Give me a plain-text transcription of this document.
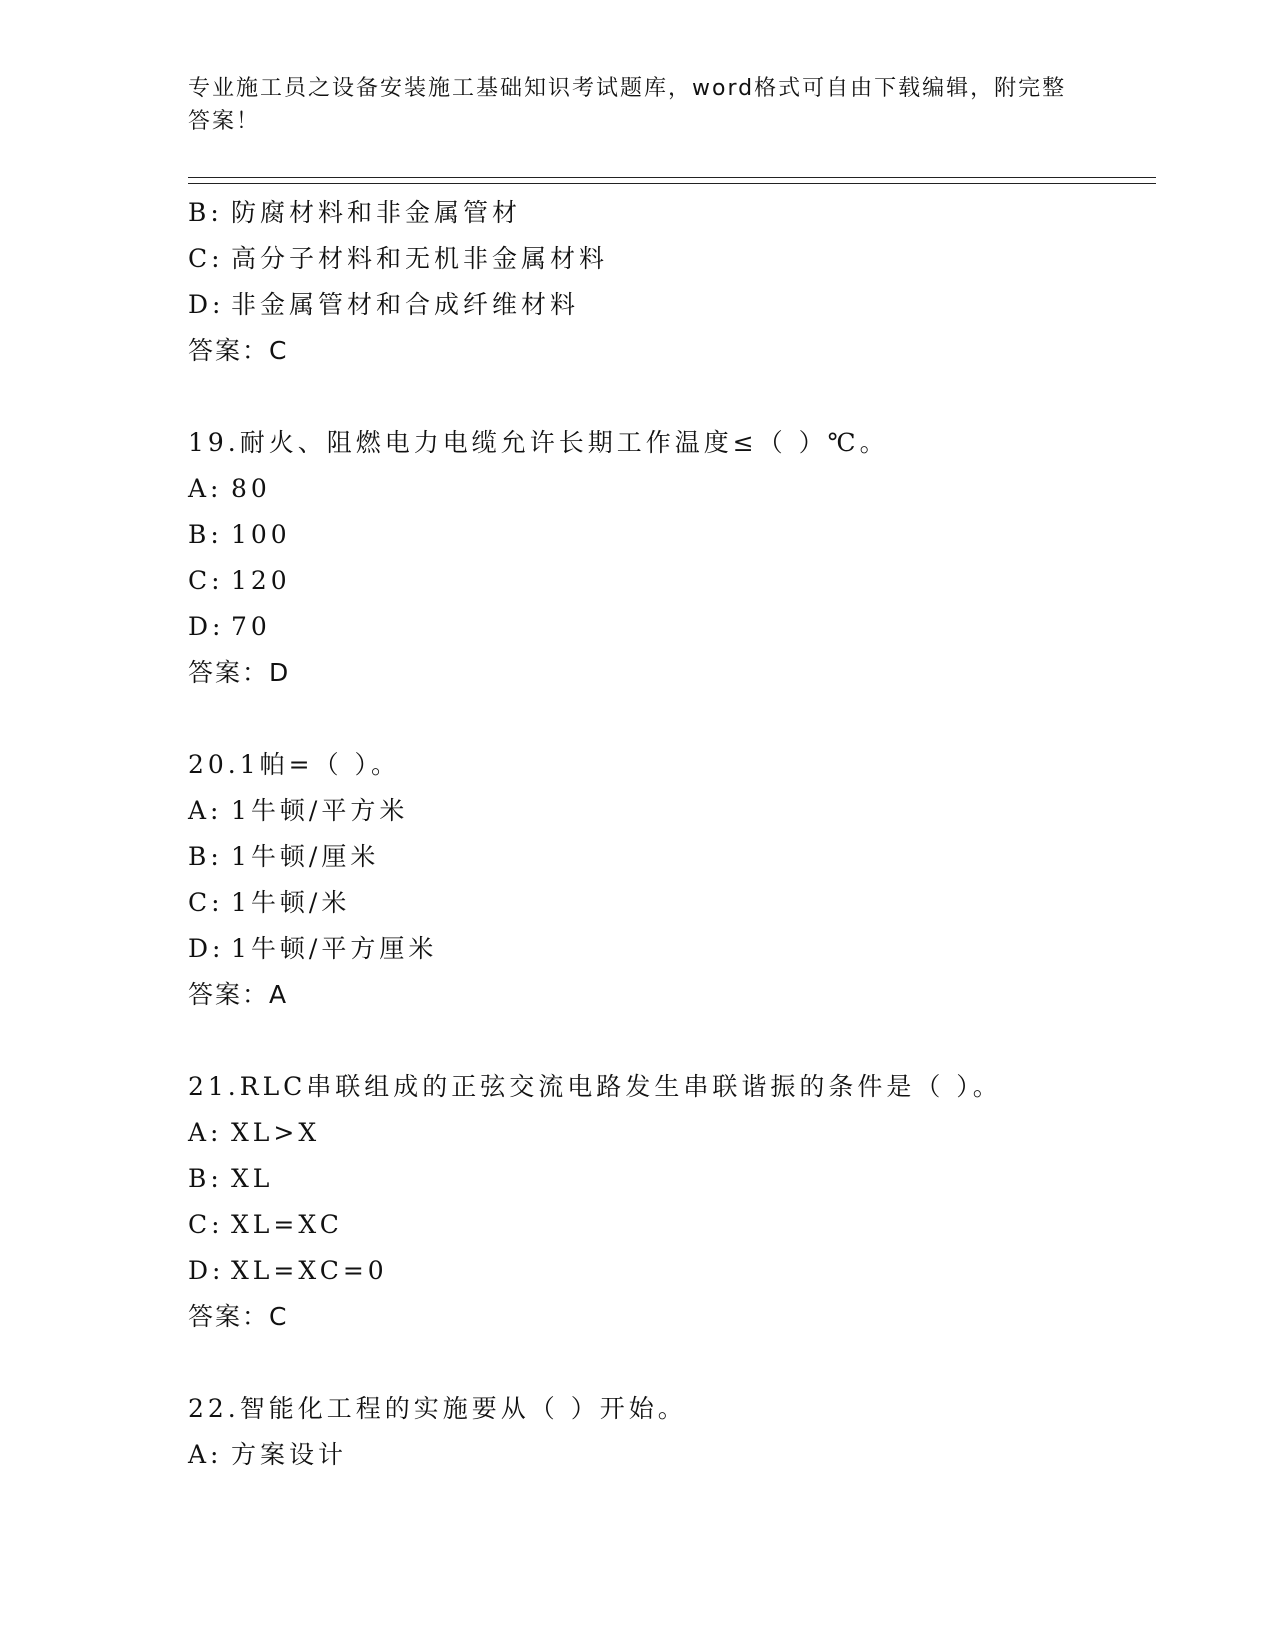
专业施工员之设备安装施工基础知识考试题库，word格式可自由下载编辑，附完整答案！
B: 防腐材料和非金属管材
C: 高分子材料和无机非金属材料
D: 非金属管材和合成纤维材料
答案：C
19.耐火、阻燃电力电缆允许长期工作温度≤（ ）℃。
A: 80
B: 100
C: 120
D: 70
答案：D
20.1帕=（ ）。
A: 1牛顿/平方米
B: 1牛顿/厘米
C: 1牛顿/米
D: 1牛顿/平方厘米
答案：A
21.RLC串联组成的正弦交流电路发生串联谐振的条件是（ ）。
A: XL>X
B: XL
C: XL=XC
D: XL=XC=0
答案：C
22.智能化工程的实施要从（ ）开始。
A: 方案设计
